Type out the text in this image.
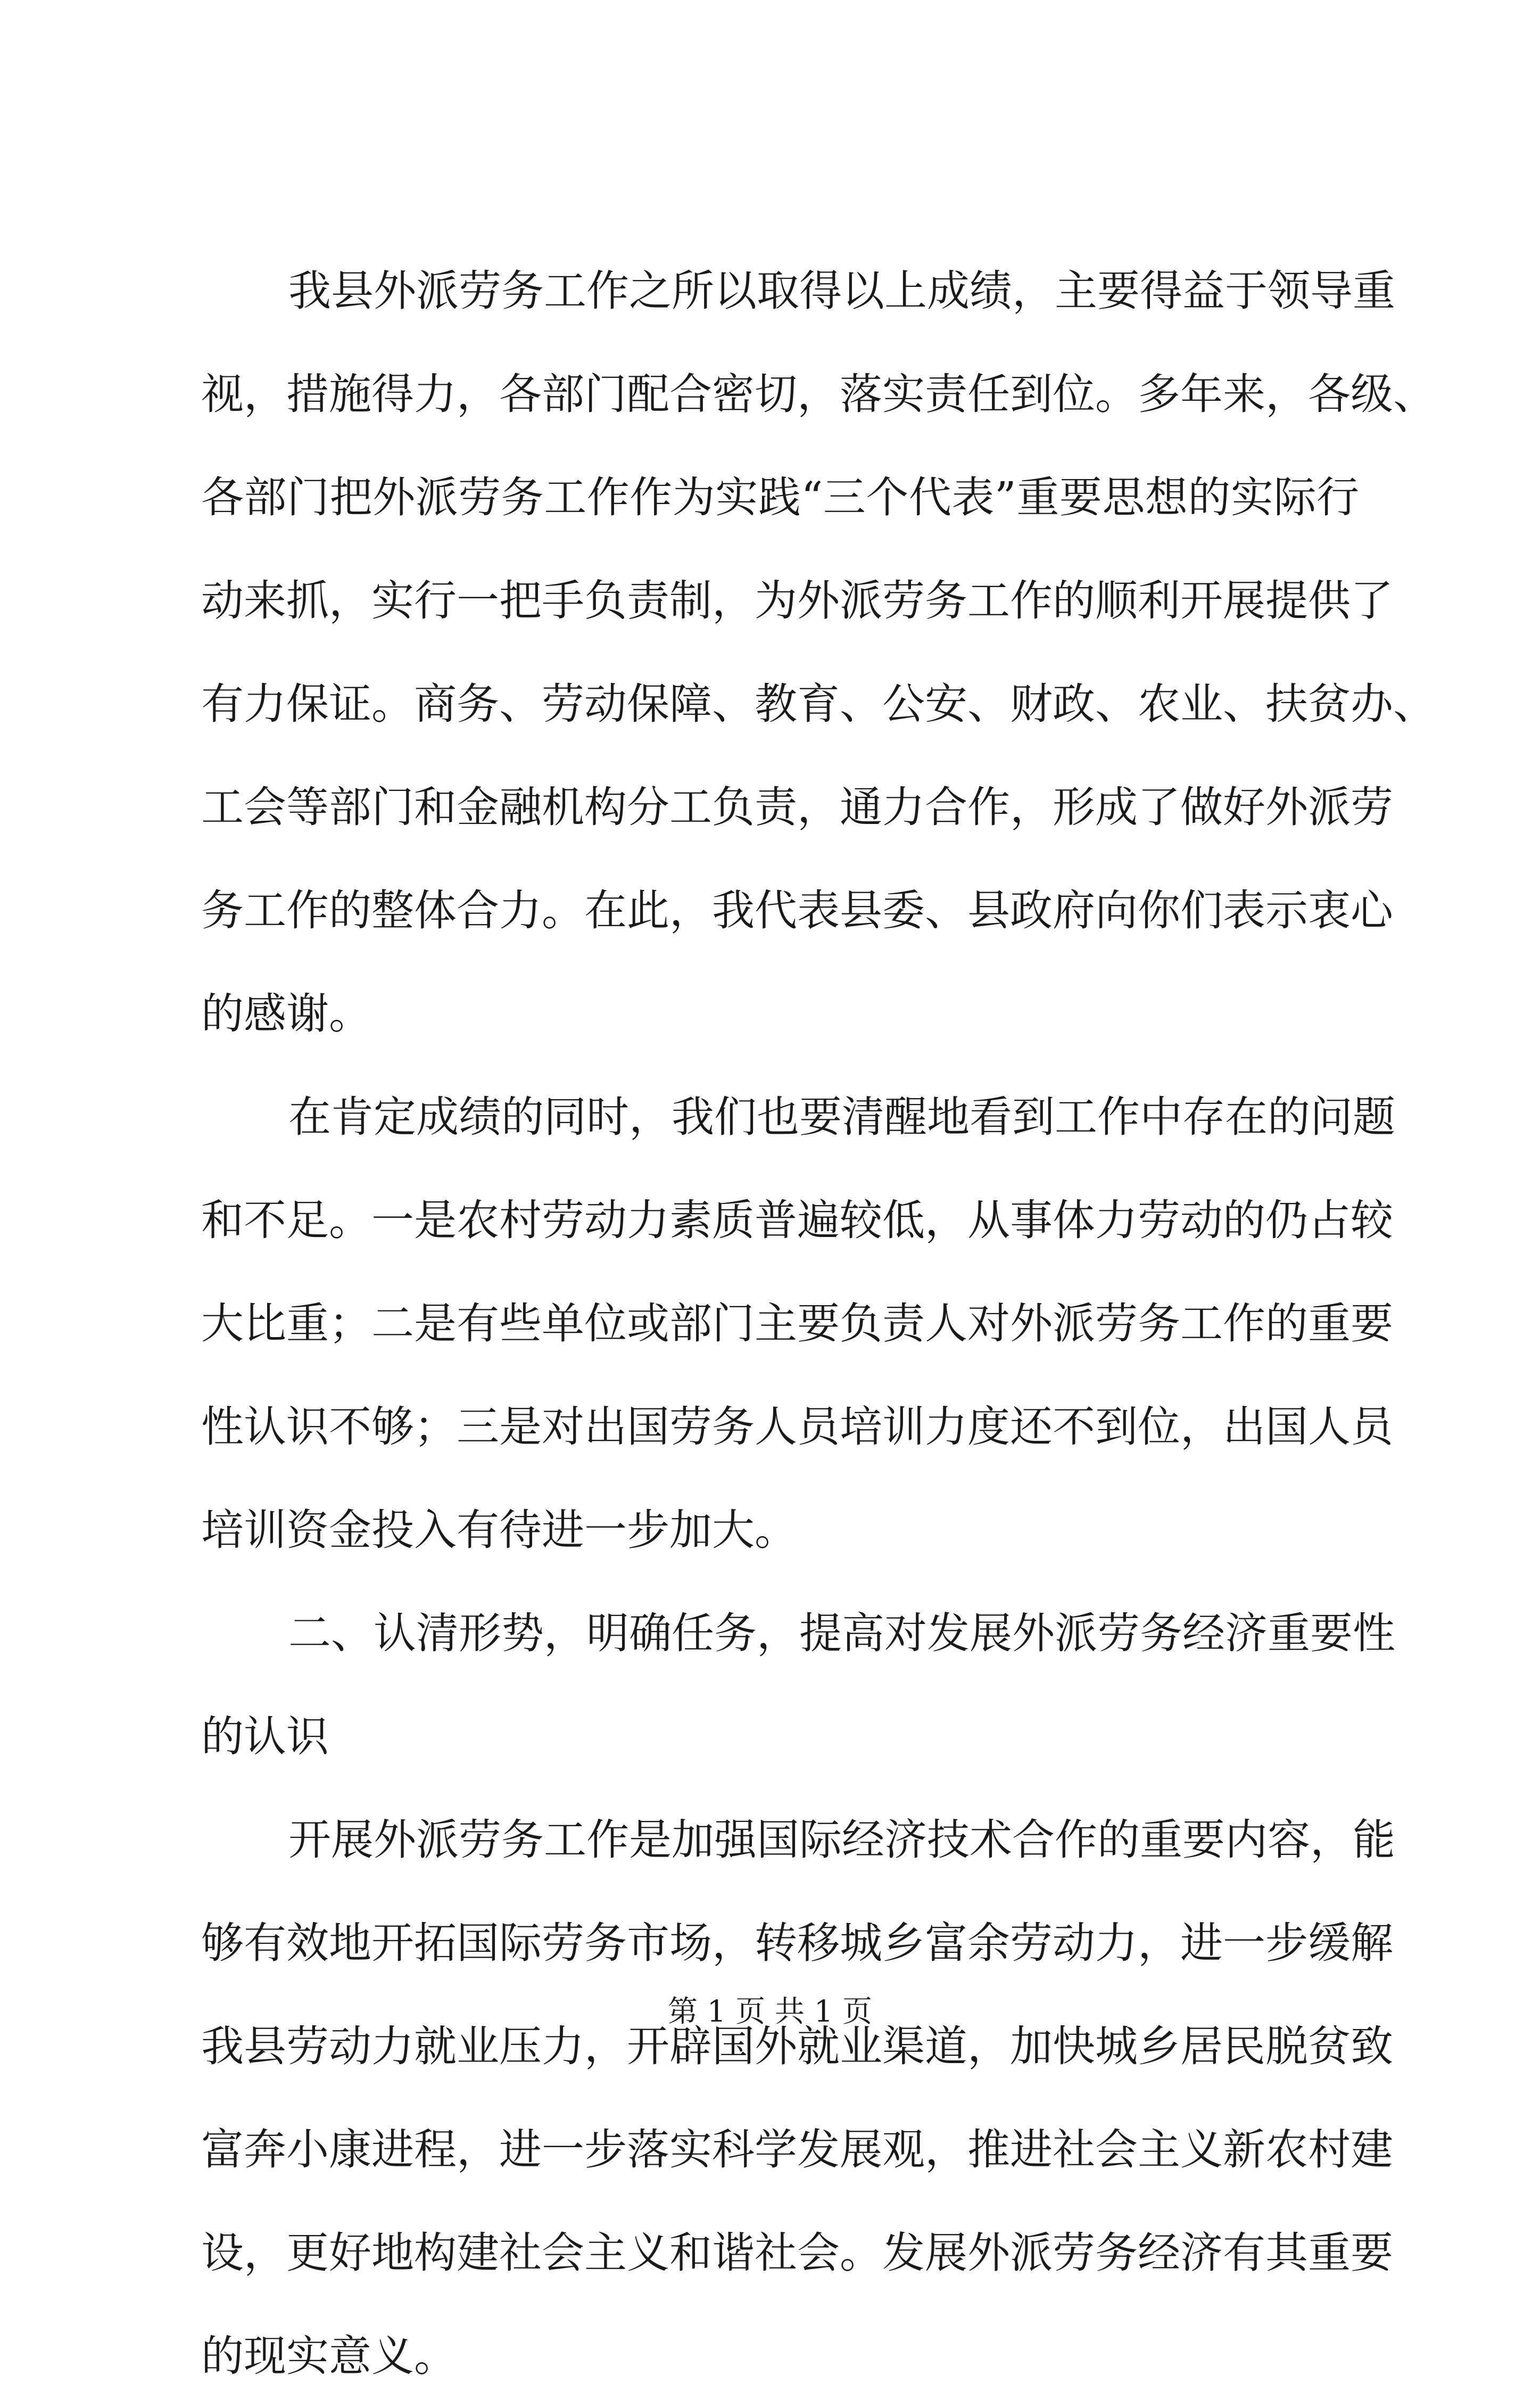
我县外派劳务工作之所以取得以上成绩，主要得益于领导重
视，措施得力，各部门配合密切，落实责任到位。多年来，各级、
各部门把外派劳务工作作为实践“三个代表”重要思想的实际行
动来抓，实行一把手负责制，为外派劳务工作的顺利开展提供了
有力保证。商务、劳动保障、教育、公安、财政、农业、扶贫办、
工会等部门和金融机构分工负责，通力合作，形成了做好外派劳
务工作的整体合力。在此，我代表县委、县政府向你们表示衷心
的感谢。
在肯定成绩的同时，我们也要清醒地看到工作中存在的问题
和不足。一是农村劳动力素质普遍较低，从事体力劳动的仍占较
大比重；二是有些单位或部门主要负责人对外派劳务工作的重要
性认识不够；三是对出国劳务人员培训力度还不到位，出国人员
培训资金投入有待进一步加大。
二、认清形势，明确任务，提高对发展外派劳务经济重要性
的认识
开展外派劳务工作是加强国际经济技术合作的重要内容，能
够有效地开拓国际劳务市场，转移城乡富余劳动力，进一步缓解
我县劳动力就业压力，开辟国外就业渠道，加快城乡居民脱贫致
富奔小康进程，进一步落实科学发展观，推进社会主义新农村建
设，更好地构建社会主义和谐社会。发展外派劳务经济有其重要
的现实意义。
第 1 页 共 1 页
